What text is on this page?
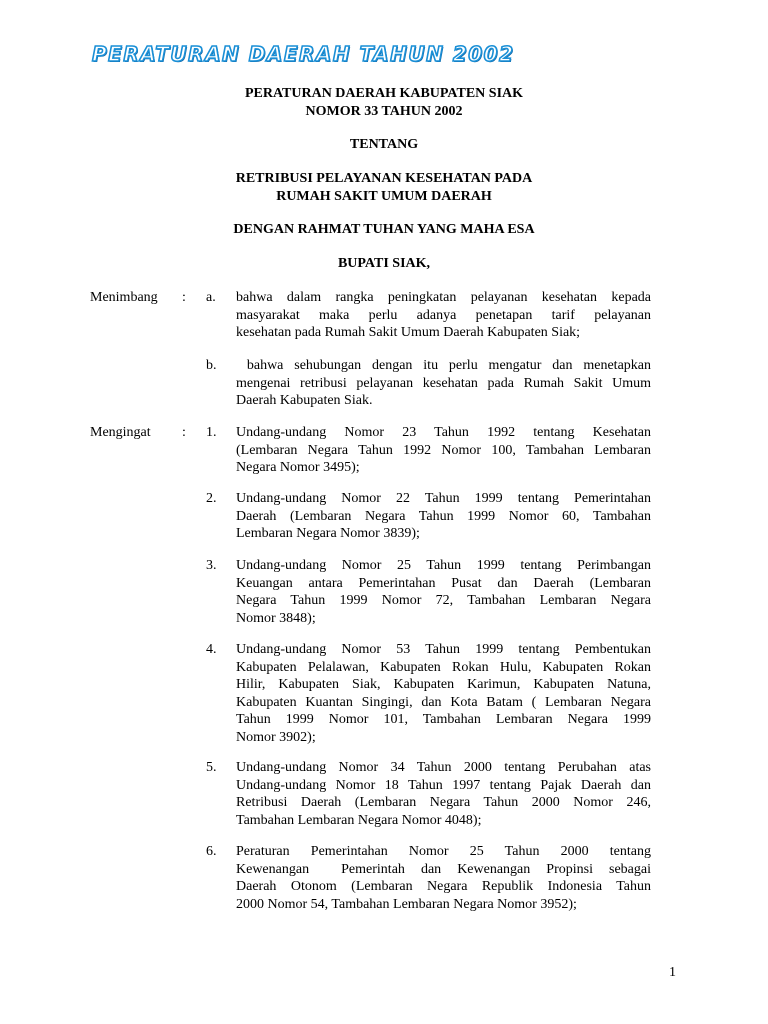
PERATURAN DAERAH TAHUN 2002
PERATURAN DAERAH KABUPATEN SIAK
NOMOR 33 TAHUN 2002
TENTANG
RETRIBUSI PELAYANAN KESEHATAN PADA
RUMAH SAKIT UMUM DAERAH
DENGAN RAHMAT TUHAN YANG MAHA ESA
BUPATI SIAK,
Menimbang : a. bahwa dalam rangka peningkatan pelayanan kesehatan kepada
masyarakat maka perlu adanya penetapan tarif pelayanan
kesehatan pada Rumah Sakit Umum Daerah Kabupaten Siak;
b. bahwa sehubungan dengan itu perlu mengatur dan menetapkan
mengenai retribusi pelayanan kesehatan pada Rumah Sakit Umum
Daerah Kabupaten Siak.
Mengingat : 1. Undang-undang Nomor 23 Tahun 1992 tentang Kesehatan
(Lembaran Negara Tahun 1992 Nomor 100, Tambahan Lembaran
Negara Nomor 3495);
2. Undang-undang Nomor 22 Tahun 1999 tentang Pemerintahan
Daerah (Lembaran Negara Tahun 1999 Nomor 60, Tambahan
Lembaran Negara Nomor 3839);
3. Undang-undang Nomor 25 Tahun 1999 tentang Perimbangan
Keuangan antara Pemerintahan Pusat dan Daerah (Lembaran
Negara Tahun 1999 Nomor 72, Tambahan Lembaran Negara
Nomor 3848);
4. Undang-undang Nomor 53 Tahun 1999 tentang Pembentukan
Kabupaten Pelalawan, Kabupaten Rokan Hulu, Kabupaten Rokan
Hilir, Kabupaten Siak, Kabupaten Karimun, Kabupaten Natuna,
Kabupaten Kuantan Singingi, dan Kota Batam ( Lembaran Negara
Tahun 1999 Nomor 101, Tambahan Lembaran Negara 1999
Nomor 3902);
5. Undang-undang Nomor 34 Tahun 2000 tentang Perubahan atas
Undang-undang Nomor 18 Tahun 1997 tentang Pajak Daerah dan
Retribusi Daerah (Lembaran Negara Tahun 2000 Nomor 246,
Tambahan Lembaran Negara Nomor 4048);
6. Peraturan Pemerintahan Nomor 25 Tahun 2000 tentang
Kewenangan  Pemerintah dan Kewenangan Propinsi sebagai
Daerah Otonom (Lembaran Negara Republik Indonesia Tahun
2000 Nomor 54, Tambahan Lembaran Negara Nomor 3952);
1
